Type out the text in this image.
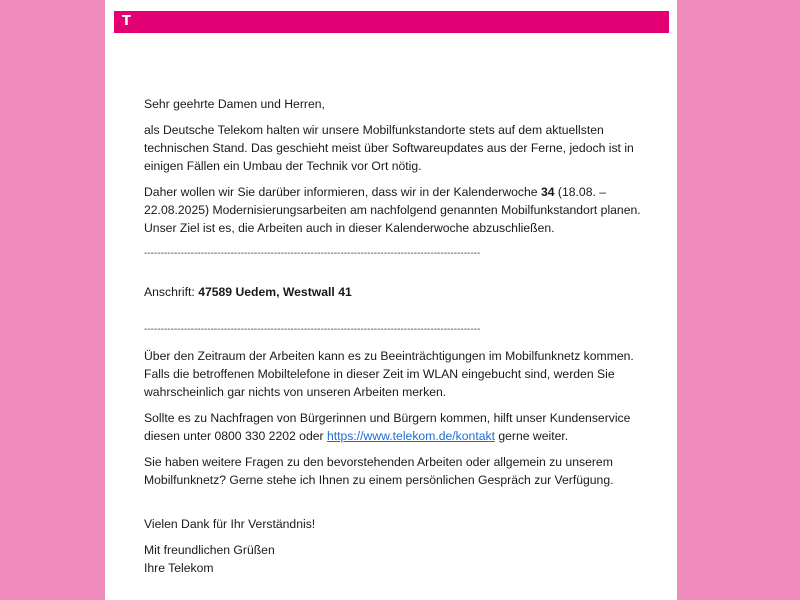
T

Sehr geehrte Damen und Herren,

als Deutsche Telekom halten wir unsere Mobilfunkstandorte stets auf dem aktuellsten technischen Stand. Das geschieht meist über Softwareupdates aus der Ferne, jedoch ist in einigen Fällen ein Umbau der Technik vor Ort nötig.

Daher wollen wir Sie darüber informieren, dass wir in der Kalenderwoche 34 (18.08. – 22.08.2025) Modernisierungsarbeiten am nachfolgend genannten Mobilfunkstandort planen. Unser Ziel ist es, die Arbeiten auch in dieser Kalenderwoche abzuschließen.

-----------------------------------------------------------------------------------------------------

Anschrift: 47589 Uedem, Westwall 41

-----------------------------------------------------------------------------------------------------

Über den Zeitraum der Arbeiten kann es zu Beeinträchtigungen im Mobilfunknetz kommen. Falls die betroffenen Mobiltelefone in dieser Zeit im WLAN eingebucht sind, werden Sie wahrscheinlich gar nichts von unseren Arbeiten merken.

Sollte es zu Nachfragen von Bürgerinnen und Bürgern kommen, hilft unser Kundenservice diesen unter 0800 330 2202 oder https://www.telekom.de/kontakt gerne weiter.

Sie haben weitere Fragen zu den bevorstehenden Arbeiten oder allgemein zu unserem Mobilfunknetz? Gerne stehe ich Ihnen zu einem persönlichen Gespräch zur Verfügung.

Vielen Dank für Ihr Verständnis!

Mit freundlichen Grüßen

Ihre Telekom
